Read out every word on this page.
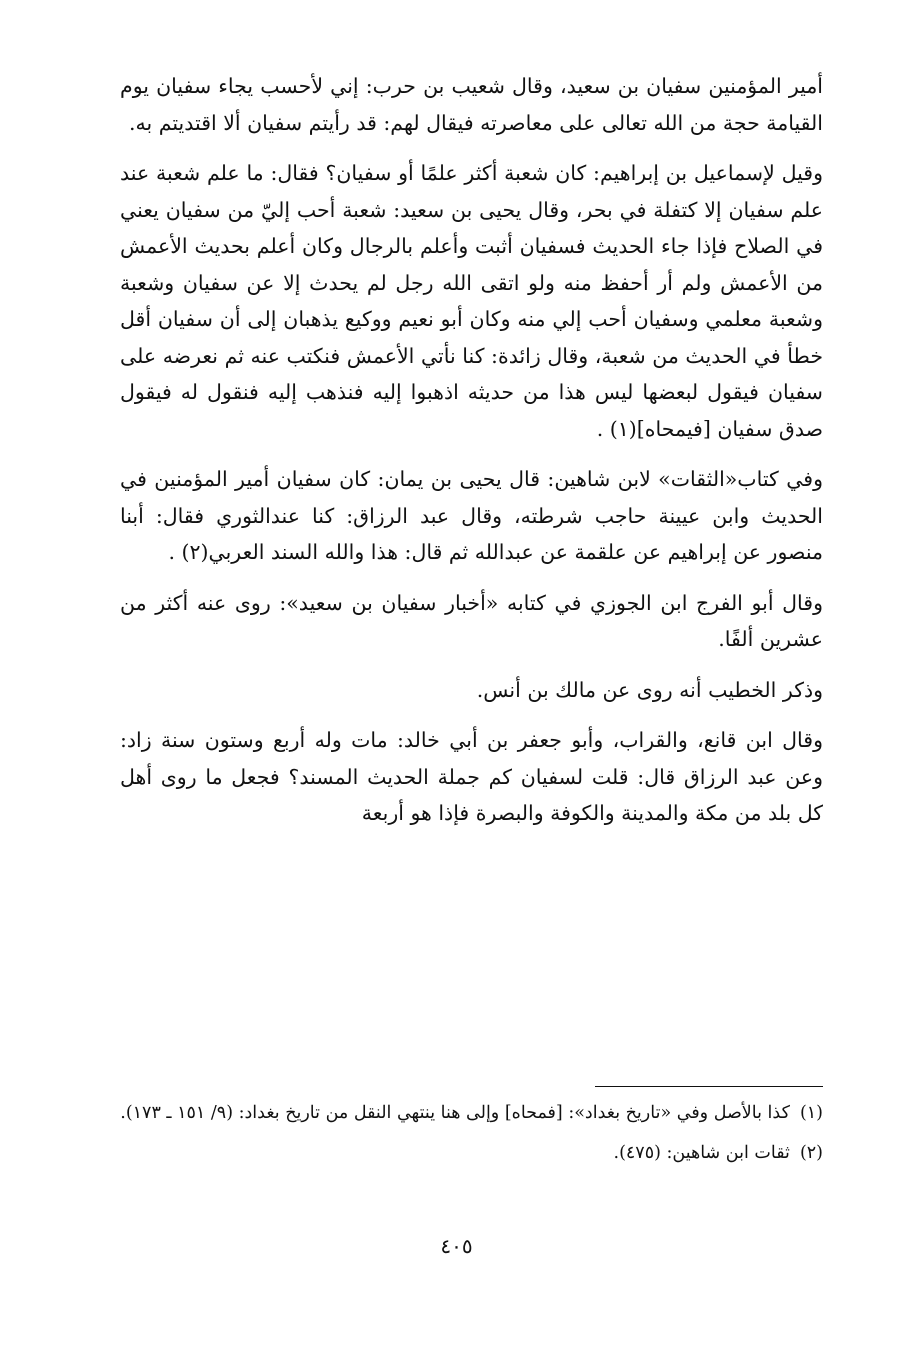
أمير المؤمنين سفيان بن سعيد، وقال شعيب بن حرب: إني لأحسب يجاء سفيان يوم القيامة حجة من الله تعالى على معاصرته فيقال لهم: قد رأيتم سفيان ألا اقتديتم به.

وقيل لإسماعيل بن إبراهيم: كان شعبة أكثر علمًا أو سفيان؟ فقال: ما علم شعبة عند علم سفيان إلا كتفلة في بحر، وقال يحيى بن سعيد: شعبة أحب إليّ من سفيان يعني في الصلاح فإذا جاء الحديث فسفيان أثبت وأعلم بالرجال وكان أعلم بحديث الأعمش من الأعمش ولم أر أحفظ منه ولو اتقى الله رجل لم يحدث إلا عن سفيان وشعبة وشعبة معلمي وسفيان أحب إلي منه وكان أبو نعيم ووكيع يذهبان إلى أن سفيان أقل خطأ في الحديث من شعبة، وقال زائدة: كنا نأتي الأعمش فنكتب عنه ثم نعرضه على سفيان فيقول لبعضها ليس هذا من حديثه اذهبوا إليه فنذهب إليه فنقول له فيقول صدق سفيان [فيمحاه](١) .

وفي كتاب«الثقات» لابن شاهين: قال يحيى بن يمان: كان سفيان أمير المؤمنين في الحديث وابن عيينة حاجب شرطته، وقال عبد الرزاق: كنا عندالثوري فقال: أبنا منصور عن إبراهيم عن علقمة عن عبدالله ثم قال: هذا والله السند العربي(٢) .

وقال أبو الفرج ابن الجوزي في كتابه «أخبار سفيان بن سعيد»: روى عنه أكثر من عشرين ألفًا.

وذكر الخطيب أنه روى عن مالك بن أنس.

وقال ابن قانع، والقراب، وأبو جعفر بن أبي خالد: مات وله أربع وستون سنة زاد: وعن عبد الرزاق قال: قلت لسفيان كم جملة الحديث المسند؟ فجعل ما روى أهل كل بلد من مكة والمدينة والكوفة والبصرة فإذا هو أربعة

(١)
كذا بالأصل وفي «تاريخ بغداد»: [فمحاه] وإلى هنا ينتهي النقل من تاريخ بغداد: (٩/ ١٥١ ـ ١٧٣).
(٢)
ثقات ابن شاهين: (٤٧٥).
٤٠٥
